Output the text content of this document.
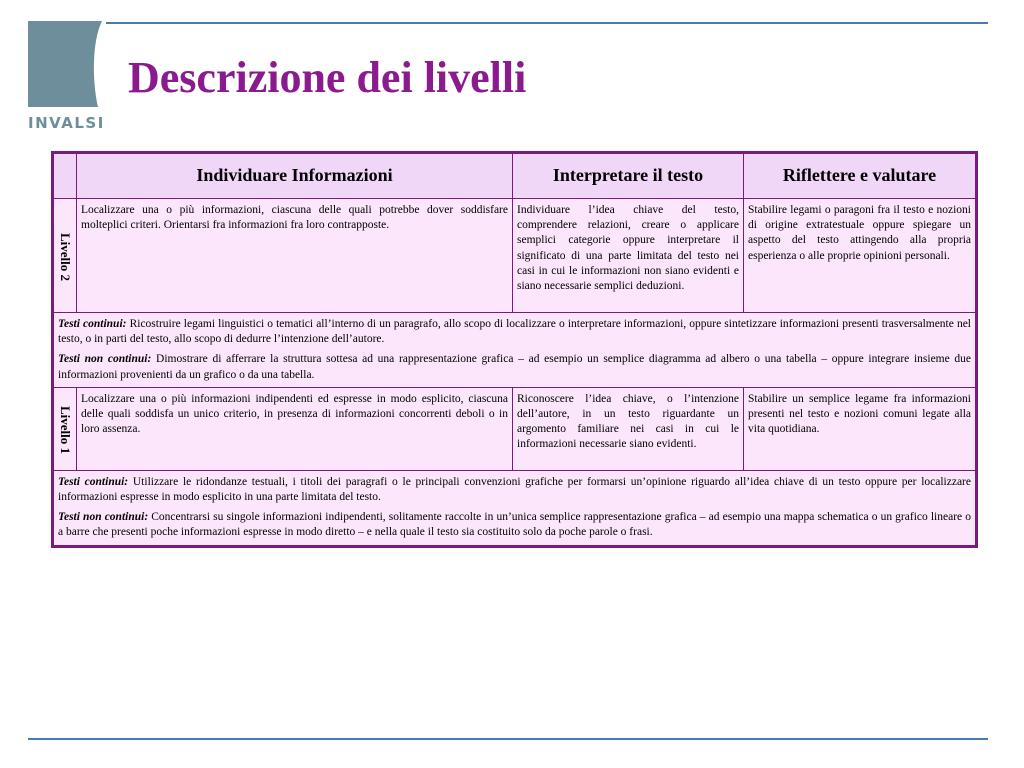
INVALSI
Descrizione dei livelli
	Individuare Informazioni	Interpretare il testo	Riflettere e valutare
Livello 2	Localizzare una o più informazioni, ciascuna delle quali potrebbe dover soddisfare molteplici criteri. Orientarsi fra informazioni fra loro contrapposte.	Individuare l’idea chiave del testo, comprendere relazioni, creare o applicare semplici categorie oppure interpretare il significato di una parte limitata del testo nei casi in cui le informazioni non siano evidenti e siano necessarie semplici deduzioni.	Stabilire legami o paragoni fra il testo e nozioni di origine extratestuale oppure spiegare un aspetto del testo attingendo alla propria esperienza o alle proprie opinioni personali.

Testi continui: Ricostruire legami linguistici o tematici all’interno di un paragrafo, allo scopo di localizzare o interpretare informazioni, oppure sintetizzare informazioni presenti trasversalmente nel testo, o in parti del testo, allo scopo di dedurre l’intenzione dell’autore.

Testi non continui: Dimostrare di afferrare la struttura sottesa ad una rappresentazione grafica – ad esempio un semplice diagramma ad albero o una tabella – oppure integrare insieme due informazioni provenienti da un grafico o da una tabella.			

Livello 1	Localizzare una o più informazioni indipendenti ed espresse in modo esplicito, ciascuna delle quali soddisfa un unico criterio, in presenza di informazioni concorrenti deboli o in loro assenza.	Riconoscere l’idea chiave, o l’intenzione dell’autore, in un testo riguardante un argomento familiare nei casi in cui le informazioni necessarie siano evidenti.	Stabilire un semplice legame fra informazioni presenti nel testo e nozioni comuni legate alla vita quotidiana.

Testi continui: Utilizzare le ridondanze testuali, i titoli dei paragrafi o le principali convenzioni grafiche per formarsi un’opinione riguardo all’idea chiave di un testo oppure per localizzare informazioni espresse in modo esplicito in una parte limitata del testo.

Testi non continui: Concentrarsi su singole informazioni indipendenti, solitamente raccolte in un’unica semplice rappresentazione grafica – ad esempio una mappa schematica o un grafico lineare o a barre che presenti poche informazioni espresse in modo diretto – e nella quale il testo sia costituito solo da poche parole o frasi.			
